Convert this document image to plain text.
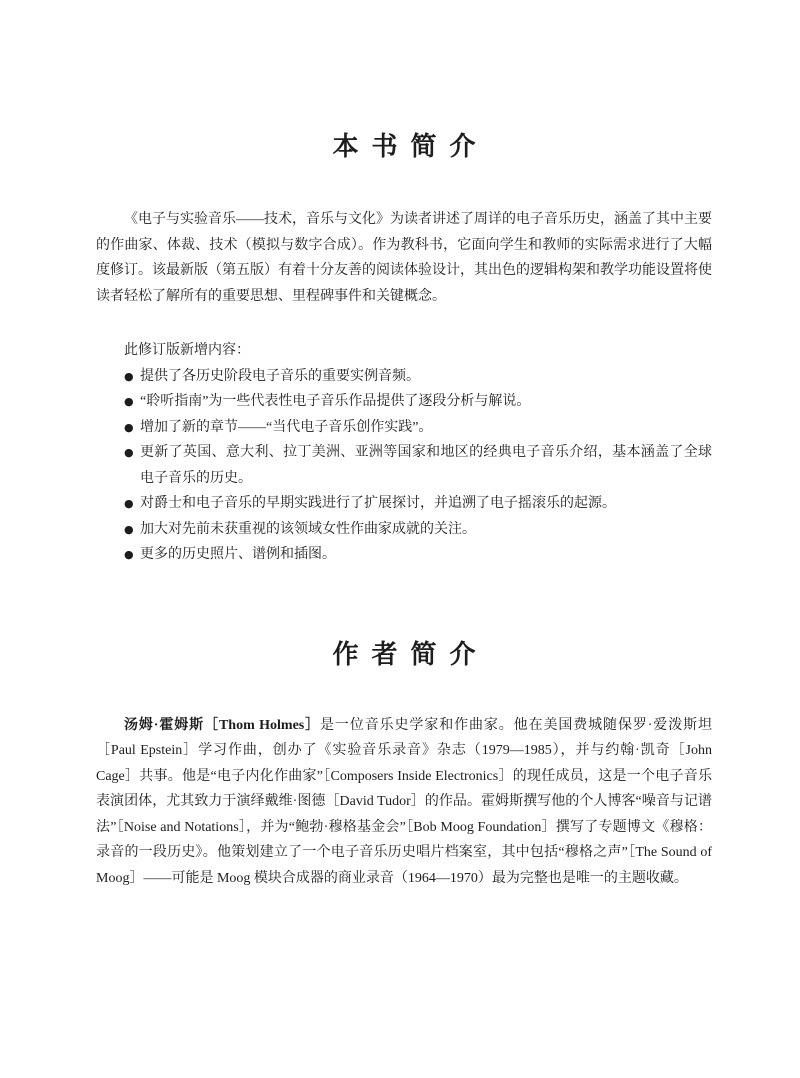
本书简介

《电子与实验音乐——技术，音乐与文化》为读者讲述了周详的电子音乐历史，涵盖了其中主要的作曲家、体裁、技术（模拟与数字合成）。作为教科书，它面向学生和教师的实际需求进行了大幅度修订。该最新版（第五版）有着十分友善的阅读体验设计，其出色的逻辑构架和教学功能设置将使读者轻松了解所有的重要思想、里程碑事件和关键概念。

此修订版新增内容：

● 提供了各历史阶段电子音乐的重要实例音频。
● “聆听指南”为一些代表性电子音乐作品提供了逐段分析与解说。
● 增加了新的章节——“当代电子音乐创作实践”。
● 更新了英国、意大利、拉丁美洲、亚洲等国家和地区的经典电子音乐介绍，基本涵盖了全球电子音乐的历史。
● 对爵士和电子音乐的早期实践进行了扩展探讨，并追溯了电子摇滚乐的起源。
● 加大对先前未获重视的该领域女性作曲家成就的关注。
● 更多的历史照片、谱例和插图。
作者简介

汤姆·霍姆斯［Thom Holmes］是一位音乐史学家和作曲家。他在美国费城随保罗·爱泼斯坦［Paul Epstein］学习作曲，创办了《实验音乐录音》杂志（1979—1985），并与约翰·凯奇［John Cage］共事。他是“电子内化作曲家”［Composers Inside Electronics］的现任成员，这是一个电子音乐表演团体，尤其致力于演绎戴维·图德［David Tudor］的作品。霍姆斯撰写他的个人博客“噪音与记谱法”［Noise and Notations］，并为“鲍勃·穆格基金会”［Bob Moog Foundation］撰写了专题博文《穆格：录音的一段历史》。他策划建立了一个电子音乐历史唱片档案室，其中包括“穆格之声”［The Sound of Moog］——可能是 Moog 模块合成器的商业录音（1964—1970）最为完整也是唯一的主题收藏。
